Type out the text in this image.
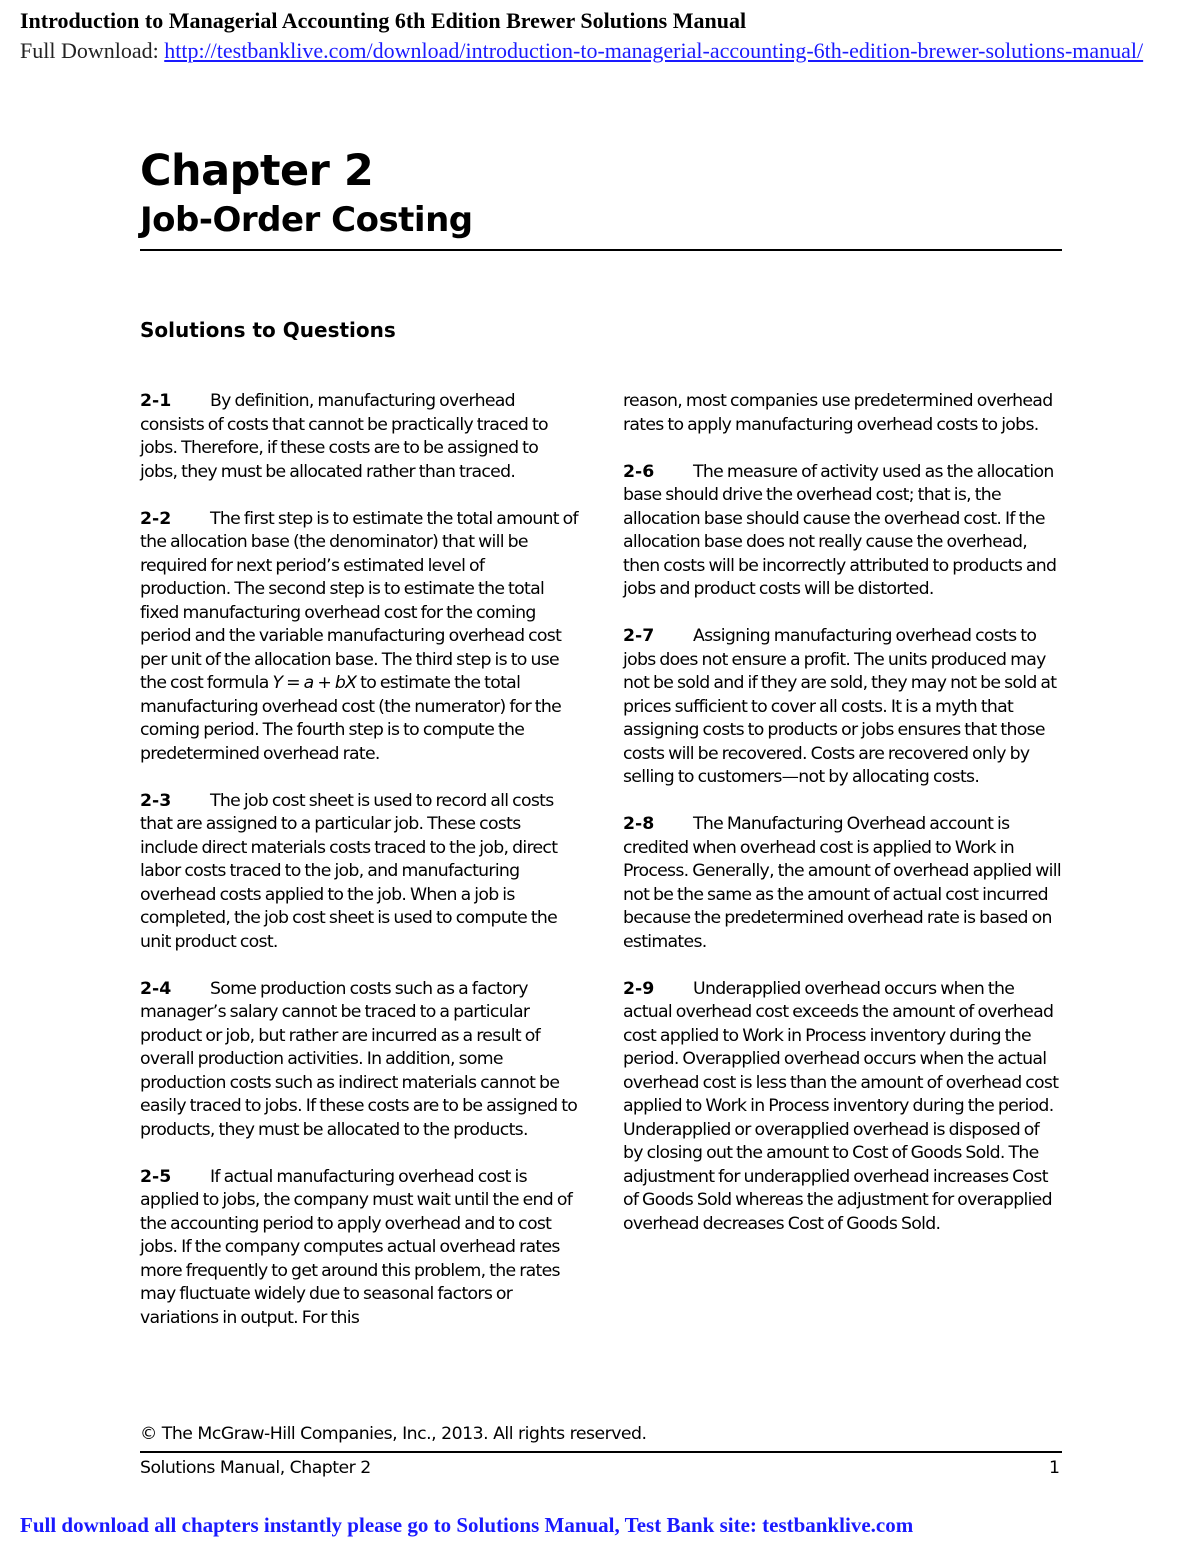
Introduction to Managerial Accounting 6th Edition Brewer Solutions Manual
Full Download: http://testbanklive.com/download/introduction-to-managerial-accounting-6th-edition-brewer-solutions-manual/
Chapter 2
Job-Order Costing
Solutions to Questions

2-1 By definition, manufacturing overhead consists of costs that cannot be practically traced to jobs. Therefore, if these costs are to be assigned to jobs, they must be allocated rather than traced.

2-2 The first step is to estimate the total amount of the allocation base (the denominator) that will be required for next period’s estimated level of production. The second step is to estimate the total fixed manufacturing overhead cost for the coming period and the variable manufacturing overhead cost per unit of the allocation base. The third step is to use the cost formula Y = a + bX to estimate the total manufacturing overhead cost (the numerator) for the coming period. The fourth step is to compute the predetermined overhead rate.

2-3 The job cost sheet is used to record all costs that are assigned to a particular job. These costs include direct materials costs traced to the job, direct labor costs traced to the job, and manufacturing overhead costs applied to the job. When a job is completed, the job cost sheet is used to compute the unit product cost.

2-4 Some production costs such as a factory manager’s salary cannot be traced to a particular product or job, but rather are incurred as a result of overall production activities. In addition, some production costs such as indirect materials cannot be easily traced to jobs. If these costs are to be assigned to products, they must be allocated to the products.

2-5 If actual manufacturing overhead cost is applied to jobs, the company must wait until the end of the accounting period to apply overhead and to cost jobs. If the company computes actual overhead rates more frequently to get around this problem, the rates may fluctuate widely due to seasonal factors or variations in output. For this

reason, most companies use predetermined overhead rates to apply manufacturing overhead costs to jobs.

2-6 The measure of activity used as the allocation base should drive the overhead cost; that is, the allocation base should cause the overhead cost. If the allocation base does not really cause the overhead, then costs will be incorrectly attributed to products and jobs and product costs will be distorted.

2-7 Assigning manufacturing overhead costs to jobs does not ensure a profit. The units produced may not be sold and if they are sold, they may not be sold at prices sufficient to cover all costs. It is a myth that assigning costs to products or jobs ensures that those costs will be recovered. Costs are recovered only by selling to customers—not by allocating costs.

2-8 The Manufacturing Overhead account is credited when overhead cost is applied to Work in Process. Generally, the amount of overhead applied will not be the same as the amount of actual cost incurred because the predetermined overhead rate is based on estimates.

2-9 Underapplied overhead occurs when the actual overhead cost exceeds the amount of overhead cost applied to Work in Process inventory during the period. Overapplied overhead occurs when the actual overhead cost is less than the amount of overhead cost applied to Work in Process inventory during the period. Underapplied or overapplied overhead is disposed of by closing out the amount to Cost of Goods Sold. The adjustment for underapplied overhead increases Cost of Goods Sold whereas the adjustment for overapplied overhead decreases Cost of Goods Sold.

© The McGraw-Hill Companies, Inc., 2013. All rights reserved.
Solutions Manual, Chapter 2	1
Full download all chapters instantly please go to Solutions Manual, Test Bank site: testbanklive.com
